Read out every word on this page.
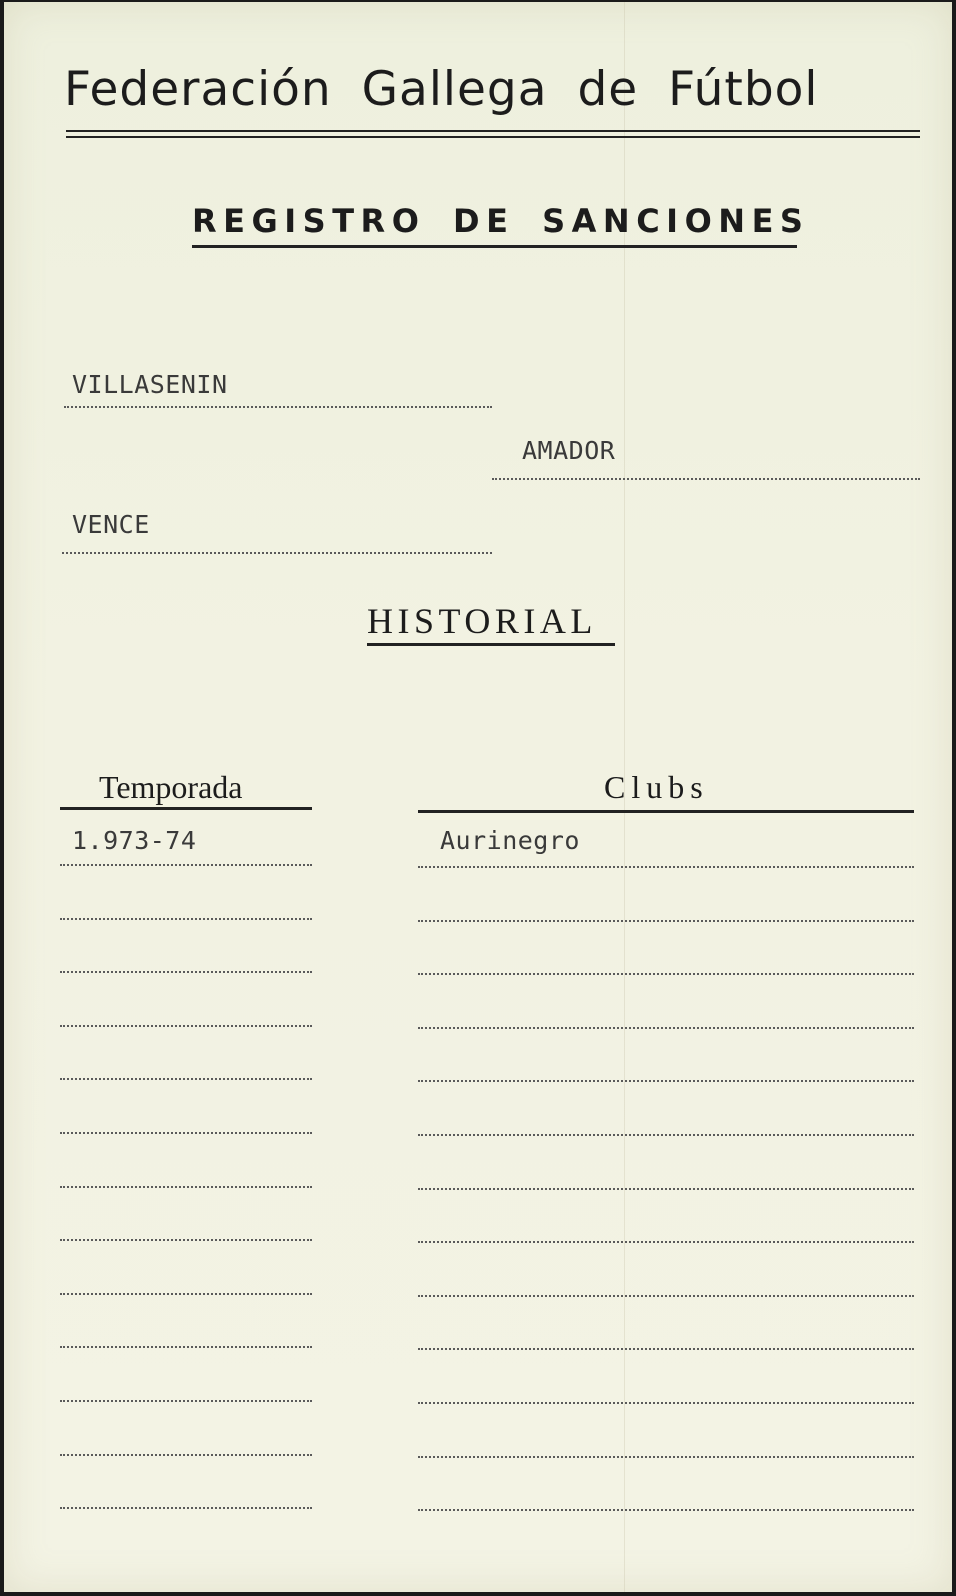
Federación Gallega de Fútbol
REGISTRO DE SANCIONES
VILLASENIN
AMADOR
VENCE
HISTORIAL
Temporada	Clubs
1.973-74	Aurinegro
